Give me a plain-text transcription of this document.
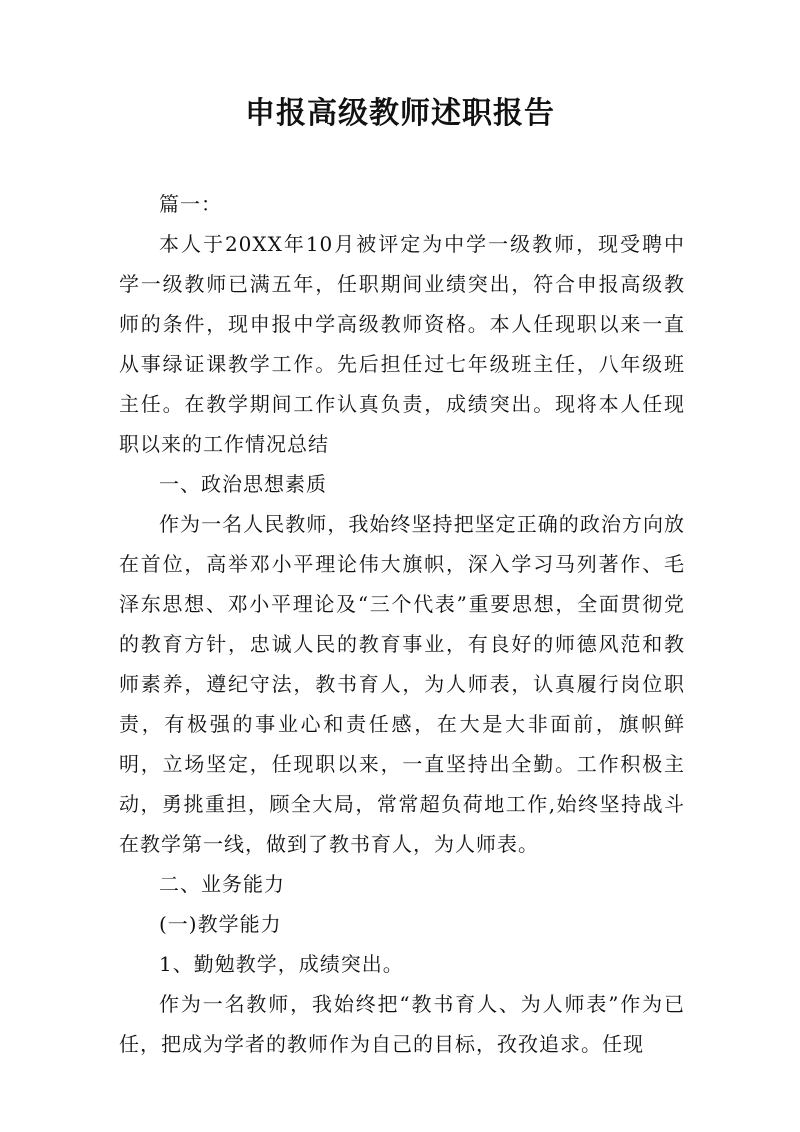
申报高级教师述职报告

篇一：

本人于20XX年10月被评定为中学一级教师，现受聘中学一级教师已满五年，任职期间业绩突出，符合申报高级教师的条件，现申报中学高级教师资格。本人任现职以来一直从事绿证课教学工作。先后担任过七年级班主任，八年级班主任。在教学期间工作认真负责，成绩突出。现将本人任现职以来的工作情况总结

一、政治思想素质

作为一名人民教师，我始终坚持把坚定正确的政治方向放在首位，高举邓小平理论伟大旗帜，深入学习马列著作、毛泽东思想、邓小平理论及“三个代表”重要思想，全面贯彻党的教育方针，忠诚人民的教育事业，有良好的师德风范和教师素养，遵纪守法，教书育人，为人师表，认真履行岗位职责，有极强的事业心和责任感，在大是大非面前，旗帜鲜明，立场坚定，任现职以来，一直坚持出全勤。工作积极主动，勇挑重担，顾全大局，常常超负荷地工作,始终坚持战斗在教学第一线，做到了教书育人，为人师表。

二、业务能力

(一)教学能力

1、勤勉教学，成绩突出。

作为一名教师，我始终把“教书育人、为人师表”作为已任，把成为学者的教师作为自己的目标，孜孜追求。任现
